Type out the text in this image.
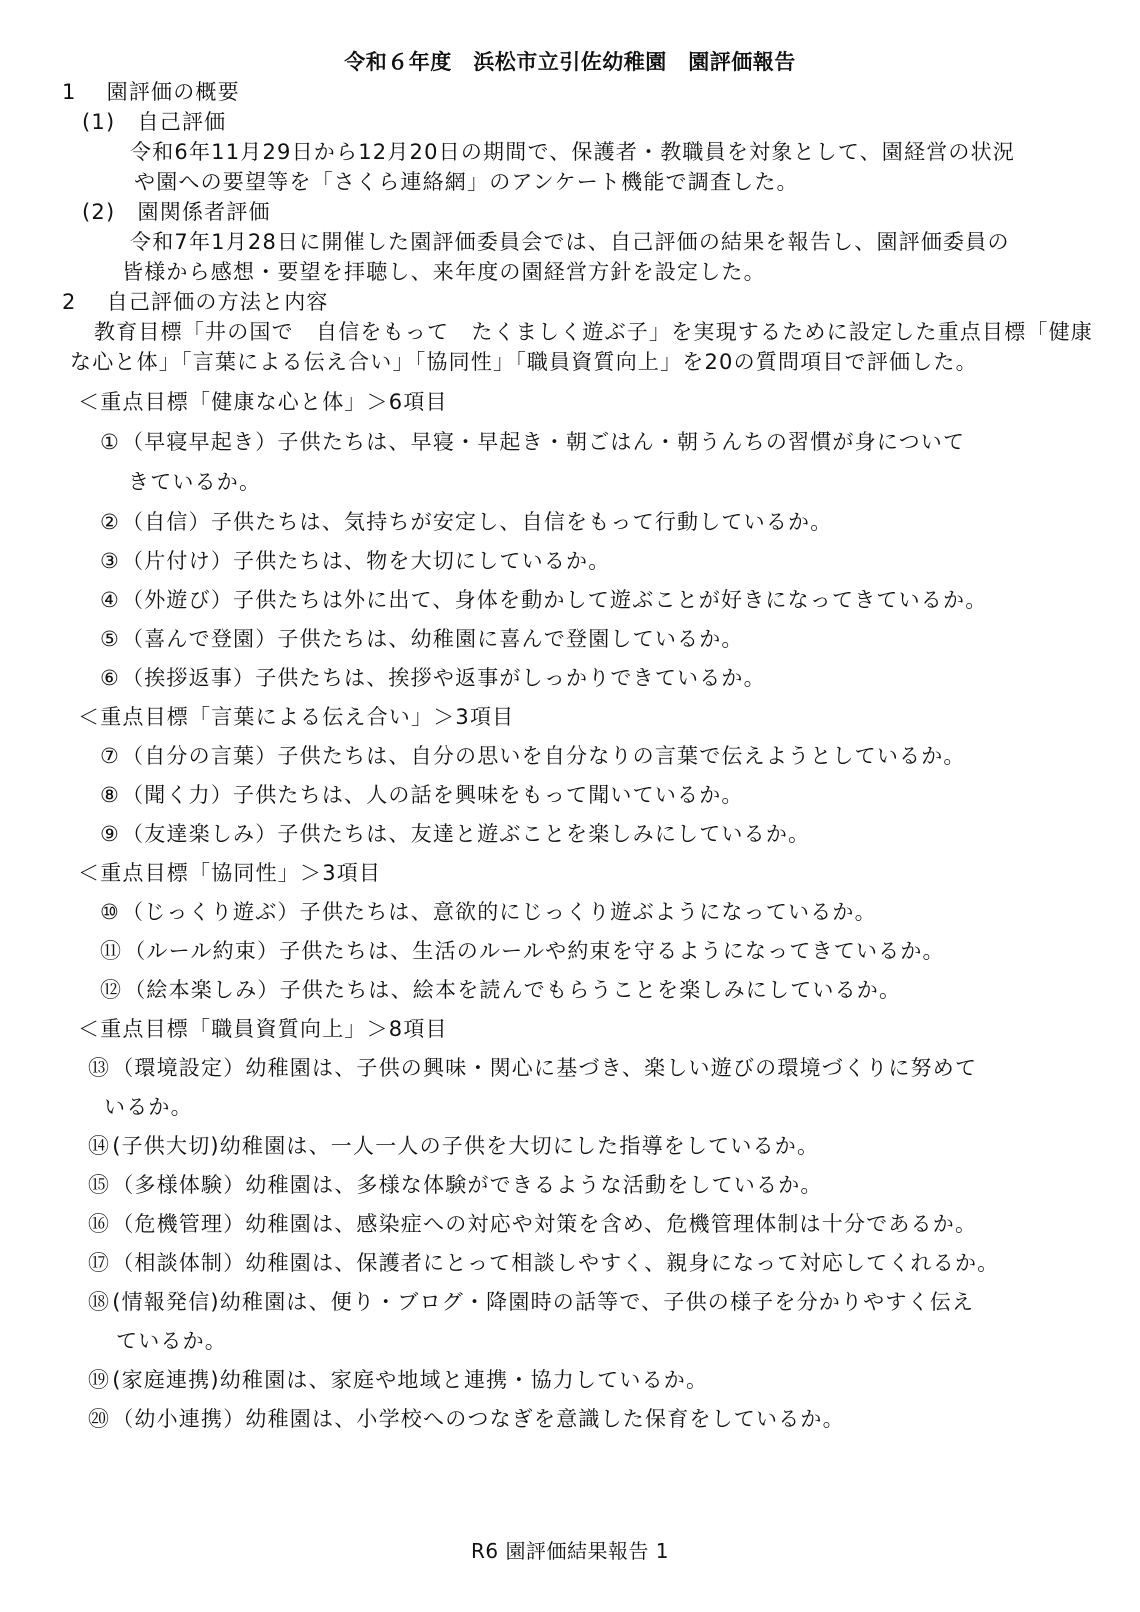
令和６年度　浜松市立引佐幼稚園　園評価報告
1　 園評価の概要
(1)　自己評価
令和6年11月29日から12月20日の期間で、保護者・教職員を対象として、園経営の状況
や園への要望等を「さくら連絡網」のアンケート機能で調査した。
(2)　園関係者評価
令和7年1月28日に開催した園評価委員会では、自己評価の結果を報告し、園評価委員の
皆様から感想・要望を拝聴し、来年度の園経営方針を設定した。
2　 自己評価の方法と内容
教育目標「井の国で　自信をもって　たくましく遊ぶ子」を実現するために設定した重点目標「健康
な心と体」「言葉による伝え合い」「協同性」「職員資質向上」を20の質問項目で評価した。
＜重点目標「健康な心と体」＞6項目
①（早寝早起き）子供たちは、早寝・早起き・朝ごはん・朝うんちの習慣が身について
きているか。
②（自信）子供たちは、気持ちが安定し、自信をもって行動しているか。
③（片付け）子供たちは、物を大切にしているか。
④（外遊び）子供たちは外に出て、身体を動かして遊ぶことが好きになってきているか。
⑤（喜んで登園）子供たちは、幼稚園に喜んで登園しているか。
⑥（挨拶返事）子供たちは、挨拶や返事がしっかりできているか。
＜重点目標「言葉による伝え合い」＞3項目
⑦（自分の言葉）子供たちは、自分の思いを自分なりの言葉で伝えようとしているか。
⑧（聞く力）子供たちは、人の話を興味をもって聞いているか。
⑨（友達楽しみ）子供たちは、友達と遊ぶことを楽しみにしているか。
＜重点目標「協同性」＞3項目
⑩（じっくり遊ぶ）子供たちは、意欲的にじっくり遊ぶようになっているか。
⑪（ルール約束）子供たちは、生活のルールや約束を守るようになってきているか。
⑫（絵本楽しみ）子供たちは、絵本を読んでもらうことを楽しみにしているか。
＜重点目標「職員資質向上」＞8項目
⑬（環境設定）幼稚園は、子供の興味・関心に基づき、楽しい遊びの環境づくりに努めて
いるか。
⑭(子供大切)幼稚園は、一人一人の子供を大切にした指導をしているか。
⑮（多様体験）幼稚園は、多様な体験ができるような活動をしているか。
⑯（危機管理）幼稚園は、感染症への対応や対策を含め、危機管理体制は十分であるか。
⑰（相談体制）幼稚園は、保護者にとって相談しやすく、親身になって対応してくれるか。
⑱(情報発信)幼稚園は、便り・ブログ・降園時の話等で、子供の様子を分かりやすく伝え
ているか。
⑲(家庭連携)幼稚園は、家庭や地域と連携・協力しているか。
⑳（幼小連携）幼稚園は、小学校へのつなぎを意識した保育をしているか。
R6 園評価結果報告 1
